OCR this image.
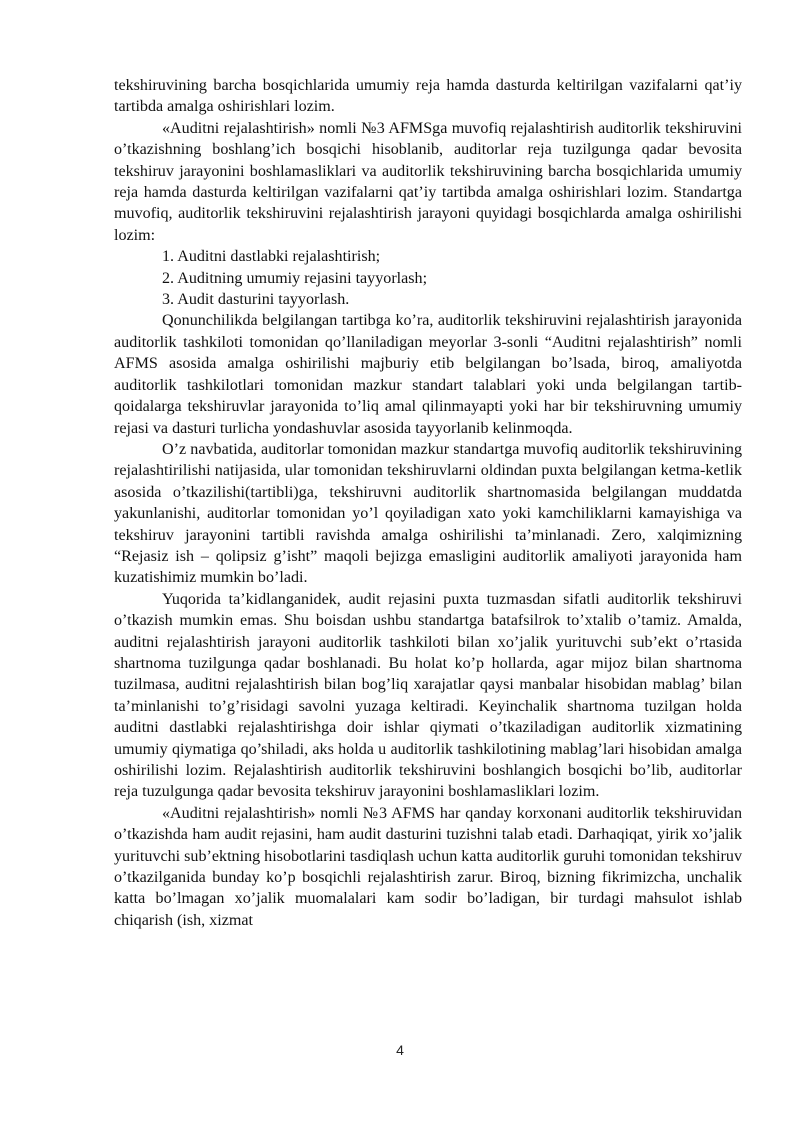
tekshiruvining barcha bosqichlarida umumiy reja hamda dasturda keltirilgan vazifalarni qat’iy tartibda amalga oshirishlari lozim.

«Auditni rejalashtirish» nomli №3 AFMSga muvofiq rejalashtirish auditorlik tekshiruvini o’tkazishning boshlang’ich bosqichi hisoblanib, auditorlar reja tuzilgunga qadar bevosita tekshiruv jarayonini boshlamasliklari va auditorlik tekshiruvining barcha bosqichlarida umumiy reja hamda dasturda keltirilgan vazifalarni qat’iy tartibda amalga oshirishlari lozim. Standartga muvofiq, auditorlik tekshiruvini rejalashtirish jarayoni quyidagi bosqichlarda amalga oshirilishi lozim:

1. Auditni dastlabki rejalashtirish;

2. Auditning umumiy rejasini tayyorlash;

3. Audit dasturini tayyorlash.

Qonunchilikda belgilangan tartibga ko’ra, auditorlik tekshiruvini rejalashtirish jarayonida auditorlik tashkiloti tomonidan qo’llaniladigan meyorlar 3-sonli “Auditni rejalashtirish” nomli AFMS asosida amalga oshirilishi majburiy etib belgilangan bo’lsada, biroq, amaliyotda auditorlik tashkilotlari tomonidan mazkur standart talablari yoki unda belgilangan tartib-qoidalarga tekshiruvlar jarayonida to’liq amal qilinmayapti yoki har bir tekshiruvning umumiy rejasi va dasturi turlicha yondashuvlar asosida tayyorlanib kelinmoqda.

O’z navbatida, auditorlar tomonidan mazkur standartga muvofiq auditorlik tekshiruvining rejalashtirilishi natijasida, ular tomonidan tekshiruvlarni oldindan puxta belgilangan ketma-ketlik asosida o’tkazilishi(tartibli)ga, tekshiruvni auditorlik shartnomasida belgilangan muddatda yakunlanishi, auditorlar tomonidan yo’l qoyiladigan xato yoki kamchiliklarni kamayishiga va tekshiruv jarayonini tartibli ravishda amalga oshirilishi ta’minlanadi. Zero, xalqimizning “Rejasiz ish – qolipsiz g’isht” maqoli bejizga emasligini auditorlik amaliyoti jarayonida ham kuzatishimiz mumkin bo’ladi.

Yuqorida ta’kidlanganidek, audit rejasini puxta tuzmasdan sifatli auditorlik tekshiruvi o’tkazish mumkin emas. Shu boisdan ushbu standartga batafsilrok to’xtalib o’tamiz. Amalda, auditni rejalashtirish jarayoni auditorlik tashkiloti bilan xo’jalik yurituvchi sub’ekt o’rtasida shartnoma tuzilgunga qadar boshlanadi. Bu holat ko’p hollarda, agar mijoz bilan shartnoma tuzilmasa, auditni rejalashtirish bilan bog’liq xarajatlar qaysi manbalar hisobidan mablag’ bilan ta’minlanishi to’g’risidagi savolni yuzaga keltiradi. Keyinchalik shartnoma tuzilgan holda auditni dastlabki rejalashtirishga doir ishlar qiymati o’tkaziladigan auditorlik xizmatining umumiy qiymatiga qo’shiladi, aks holda u auditorlik tashkilotining mablag’lari hisobidan amalga oshirilishi lozim. Rejalashtirish auditorlik tekshiruvini boshlangich bosqichi bo’lib, auditorlar reja tuzulgunga qadar bevosita tekshiruv jarayonini boshlamasliklari lozim.

«Auditni rejalashtirish» nomli №3 AFMS har qanday korxonani auditorlik tekshiruvidan o’tkazishda ham audit rejasini, ham audit dasturini tuzishni talab etadi. Darhaqiqat, yirik xo’jalik yurituvchi sub’ektning hisobotlarini tasdiqlash uchun katta auditorlik guruhi tomonidan tekshiruv o’tkazilganida bunday ko’p bosqichli rejalashtirish zarur. Biroq, bizning fikrimizcha, unchalik katta bo’lmagan xo’jalik muomalalari kam sodir bo’ladigan, bir turdagi mahsulot ishlab chiqarish (ish, xizmat

4
